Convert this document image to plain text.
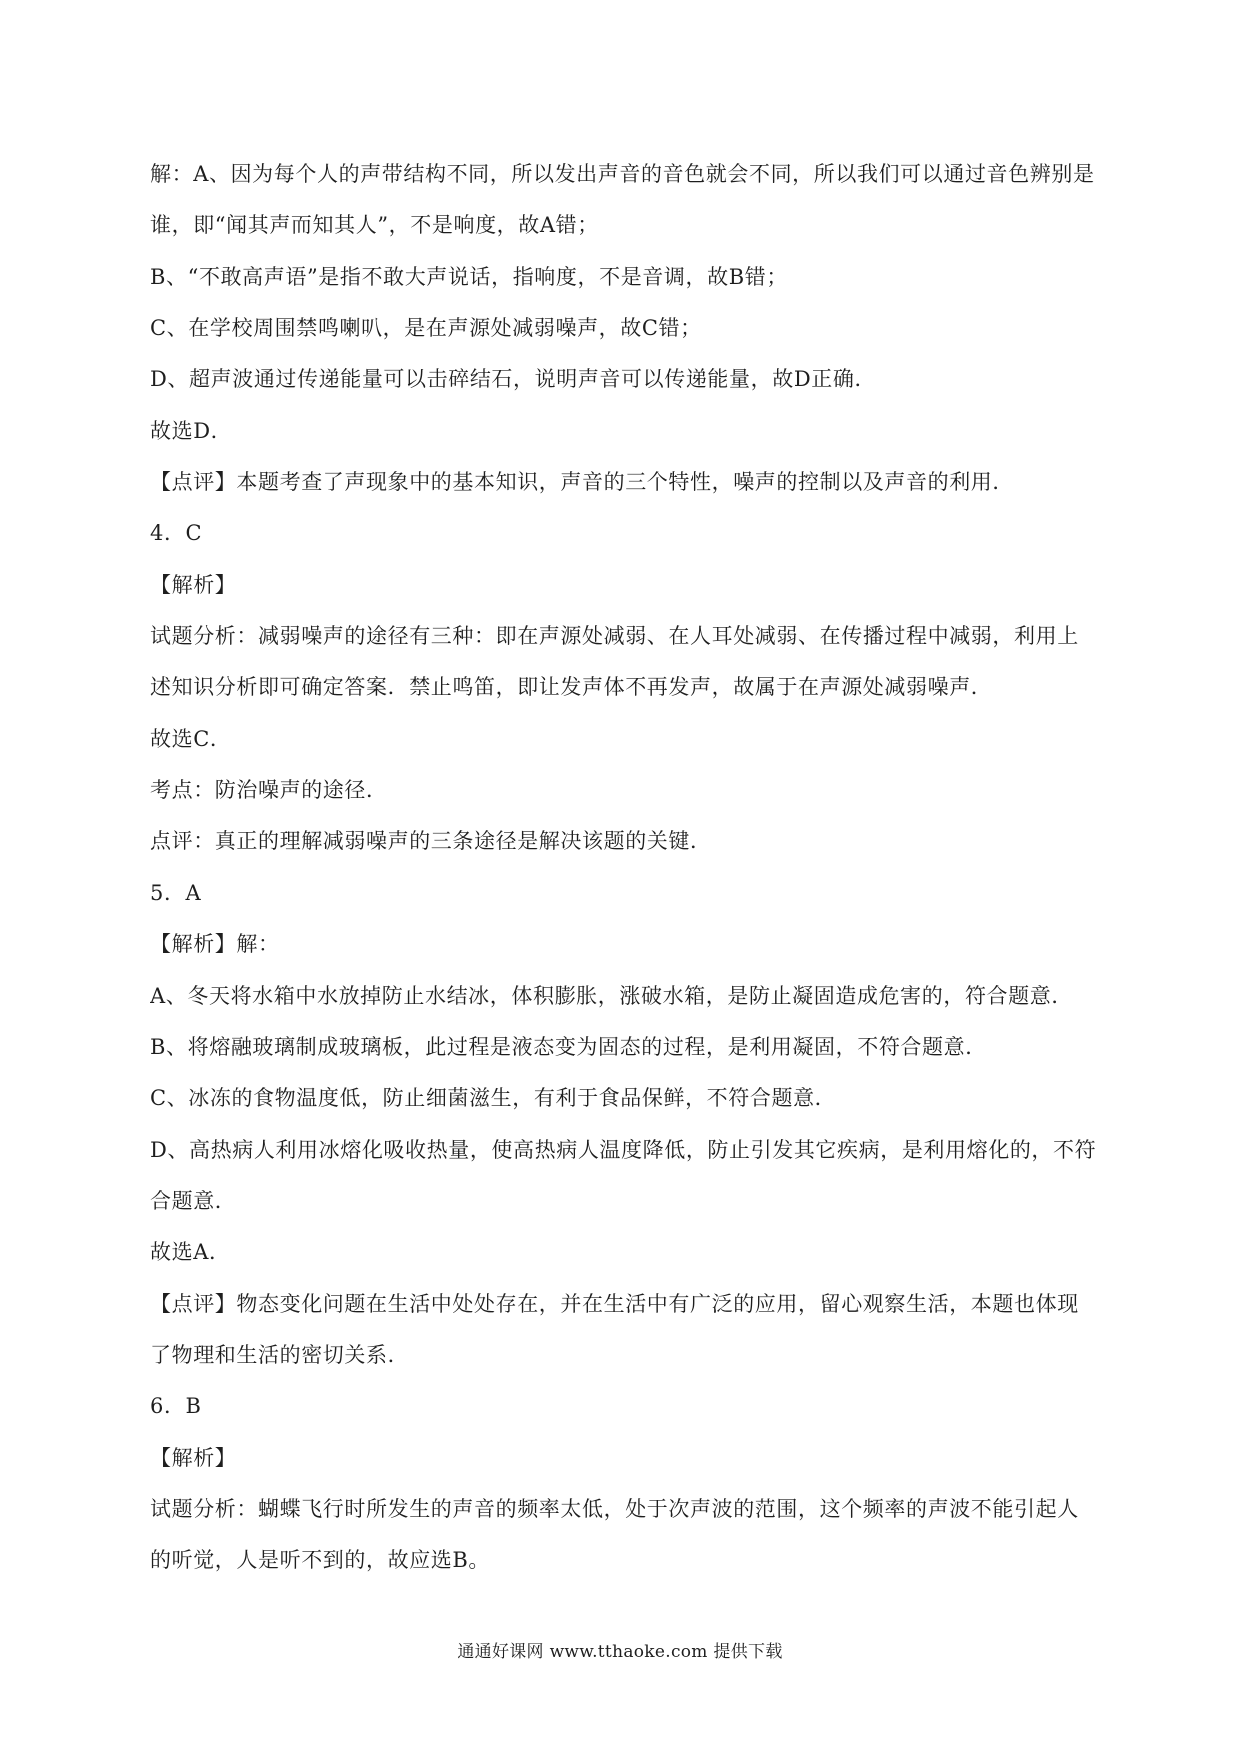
解：A、因为每个人的声带结构不同，所以发出声音的音色就会不同，所以我们可以通过音色辨别是
谁，即“闻其声而知其人”，不是响度，故A错；
B、“不敢高声语”是指不敢大声说话，指响度，不是音调，故B错；
C、在学校周围禁鸣喇叭，是在声源处减弱噪声，故C错；
D、超声波通过传递能量可以击碎结石，说明声音可以传递能量，故D正确．
故选D．
【点评】本题考查了声现象中的基本知识，声音的三个特性，噪声的控制以及声音的利用．
4．C
【解析】
试题分析：减弱噪声的途径有三种：即在声源处减弱、在人耳处减弱、在传播过程中减弱，利用上
述知识分析即可确定答案．禁止鸣笛，即让发声体不再发声，故属于在声源处减弱噪声．
故选C．
考点：防治噪声的途径．
点评：真正的理解减弱噪声的三条途径是解决该题的关键．
5．A
【解析】解：
A、冬天将水箱中水放掉防止水结冰，体积膨胀，涨破水箱，是防止凝固造成危害的，符合题意．
B、将熔融玻璃制成玻璃板，此过程是液态变为固态的过程，是利用凝固，不符合题意．
C、冰冻的食物温度低，防止细菌滋生，有利于食品保鲜，不符合题意．
D、高热病人利用冰熔化吸收热量，使高热病人温度降低，防止引发其它疾病，是利用熔化的，不符
合题意．
故选A．
【点评】物态变化问题在生活中处处存在，并在生活中有广泛的应用，留心观察生活，本题也体现
了物理和生活的密切关系．
6．B
【解析】
试题分析：蝴蝶飞行时所发生的声音的频率太低，处于次声波的范围，这个频率的声波不能引起人
的听觉，人是听不到的，故应选B。
通通好课网 www.tthaoke.com 提供下载
